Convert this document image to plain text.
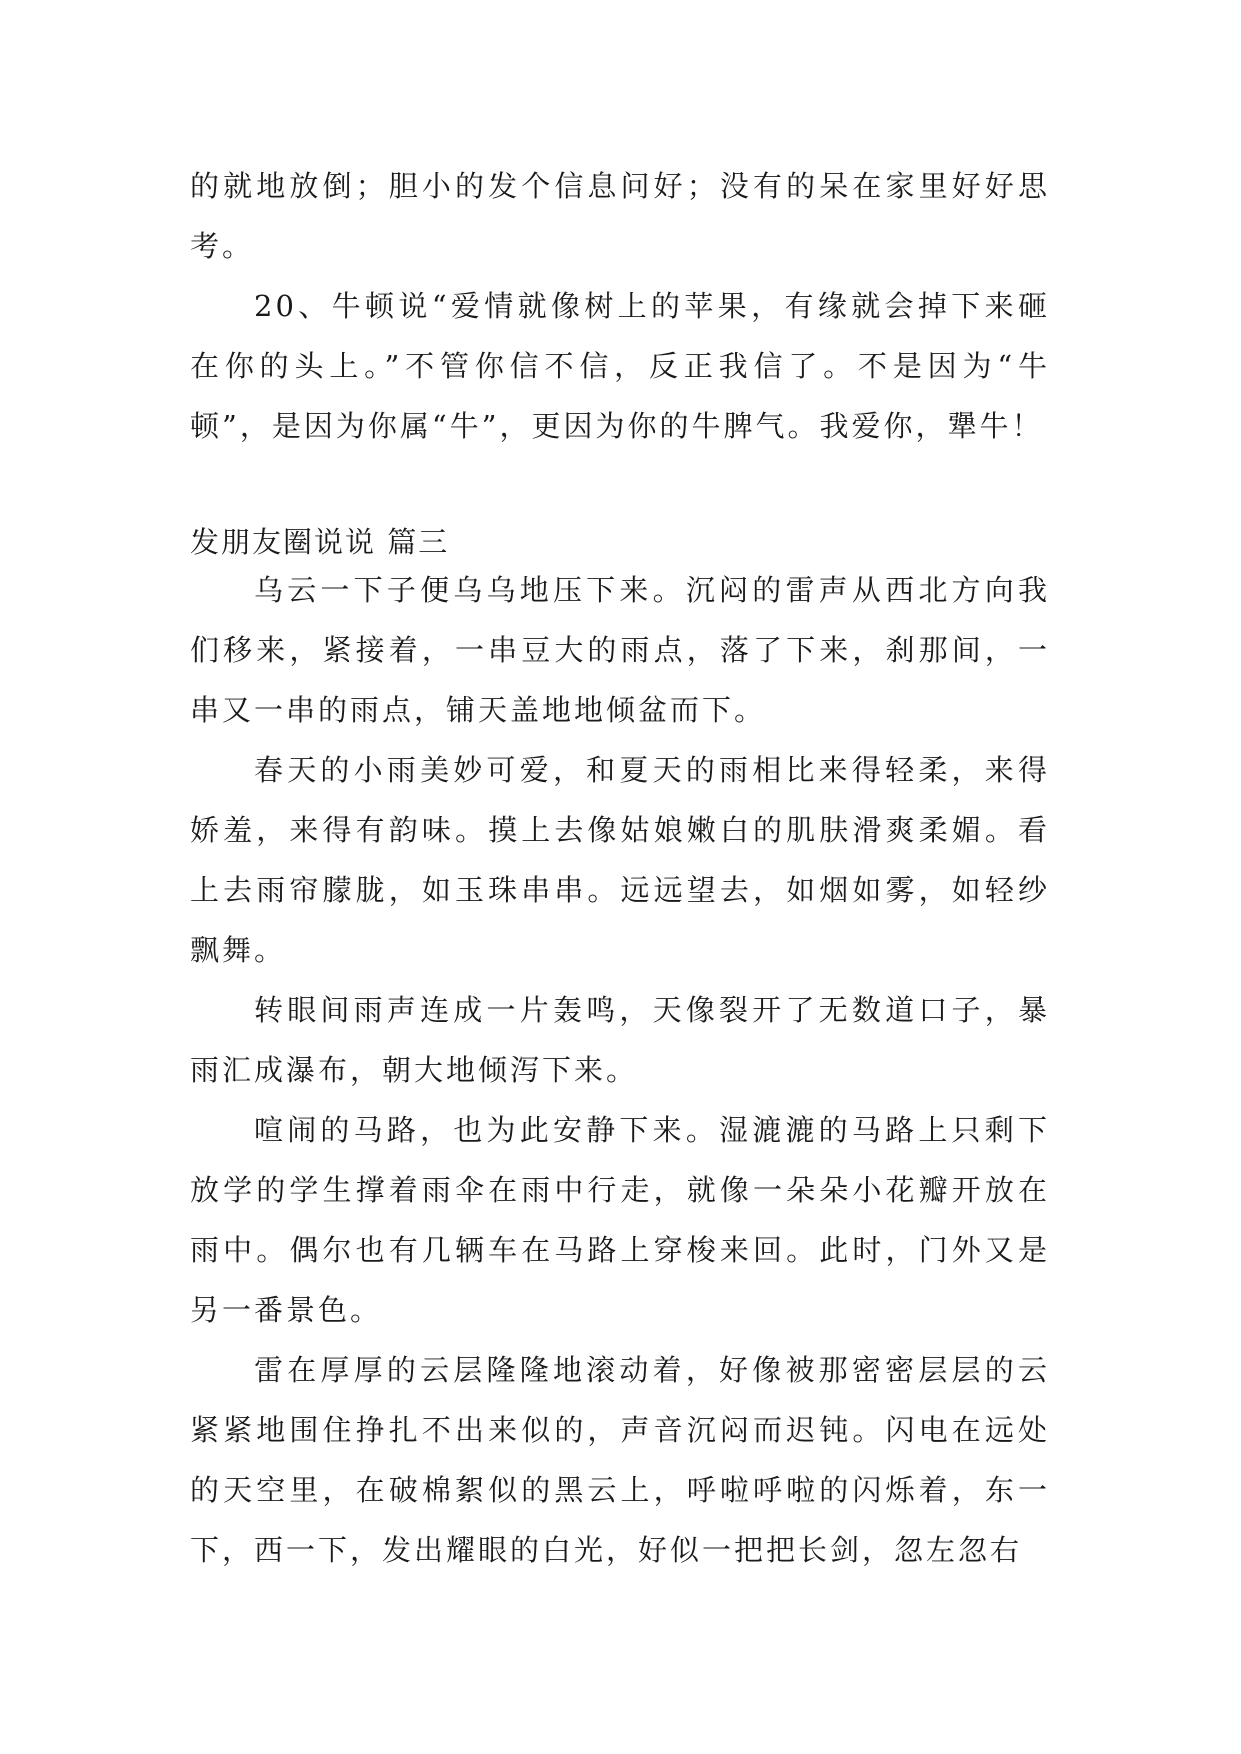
的就地放倒；胆小的发个信息问好；没有的呆在家里好好思考。

20、牛顿说“爱情就像树上的苹果，有缘就会掉下来砸在你的头上。”不管你信不信，反正我信了。不是因为“牛顿”，是因为你属“牛”，更因为你的牛脾气。我爱你，犟牛！

发朋友圈说说 篇三

乌云一下子便乌乌地压下来。沉闷的雷声从西北方向我们移来，紧接着，一串豆大的雨点，落了下来，刹那间，一串又一串的雨点，铺天盖地地倾盆而下。

春天的小雨美妙可爱，和夏天的雨相比来得轻柔，来得娇羞，来得有韵味。摸上去像姑娘嫩白的肌肤滑爽柔媚。看上去雨帘朦胧，如玉珠串串。远远望去，如烟如雾，如轻纱飘舞。

转眼间雨声连成一片轰鸣，天像裂开了无数道口子，暴雨汇成瀑布，朝大地倾泻下来。

喧闹的马路，也为此安静下来。湿漉漉的马路上只剩下放学的学生撑着雨伞在雨中行走，就像一朵朵小花瓣开放在雨中。偶尔也有几辆车在马路上穿梭来回。此时，门外又是另一番景色。

雷在厚厚的云层隆隆地滚动着，好像被那密密层层的云紧紧地围住挣扎不出来似的，声音沉闷而迟钝。闪电在远处的天空里，在破棉絮似的黑云上，呼啦呼啦的闪烁着，东一下，西一下，发出耀眼的白光，好似一把把长剑，忽左忽右
